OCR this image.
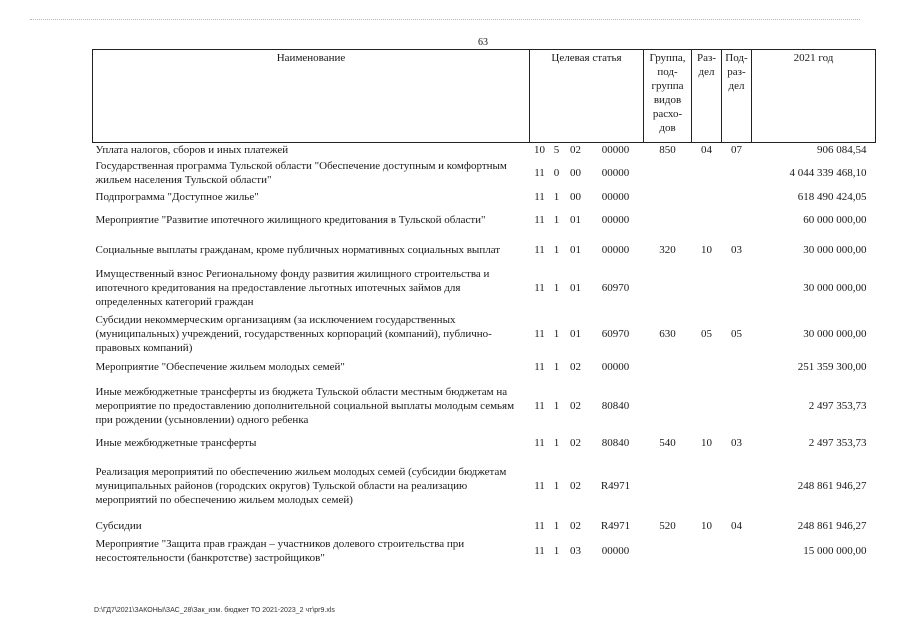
63
Наименование	Целевая статья				Группа, под-группа видов расхо-дов	Раз-дел	Под-раз-дел	2021 год
Уплата налогов, сборов и иных платежей	10	5	02	00000	850	04	07	906 084,54
Государственная программа Тульской области "Обеспечение доступным и комфортным жильем населения Тульской области"	11	0	00	00000				4 044 339 468,10
Подпрограмма "Доступное жилье"	11	1	00	00000				618 490 424,05
Мероприятие "Развитие ипотечного жилищного кредитования в Тульской области"	11	1	01	00000				60 000 000,00
Социальные выплаты гражданам, кроме публичных нормативных социальных выплат	11	1	01	00000	320	10	03	30 000 000,00
Имущественный взнос Региональному фонду развития жилищного строительства и ипотечного кредитования на предоставление льготных ипотечных займов для определенных категорий граждан	11	1	01	60970				30 000 000,00
Субсидии некоммерческим организациям (за исключением государственных (муниципальных) учреждений, государственных корпораций (компаний), публично-правовых компаний)	11	1	01	60970	630	05	05	30 000 000,00
Мероприятие "Обеспечение жильем молодых семей"	11	1	02	00000				251 359 300,00

Иные межбюджетные трансферты из бюджета Тульской области местным бюджетам на мероприятие по предоставлению дополнительной социальной выплаты молодым семьям при рождении (усыновлении) одного ребенка	11	1	02	80840				2 497 353,73
Иные межбюджетные трансферты	11	1	02	80840	540	10	03	2 497 353,73

Реализация мероприятий по обеспечению жильем молодых семей (субсидии бюджетам муниципальных районов (городских округов) Тульской области на реализацию мероприятий по обеспечению жильем молодых семей)	11	1	02	R4971				248 861 946,27

Субсидии	11	1	02	R4971	520	10	04	248 861 946,27
Мероприятие "Защита прав граждан – участников долевого строительства при несостоятельности (банкротстве) застройщиков"	11	1	03	00000				15 000 000,00
D:\ГД7\2021\ЗАКОНЫ\ЗАС_28\Зак_изм. бюджет ТО 2021-2023_2 чт\pr9.xls
